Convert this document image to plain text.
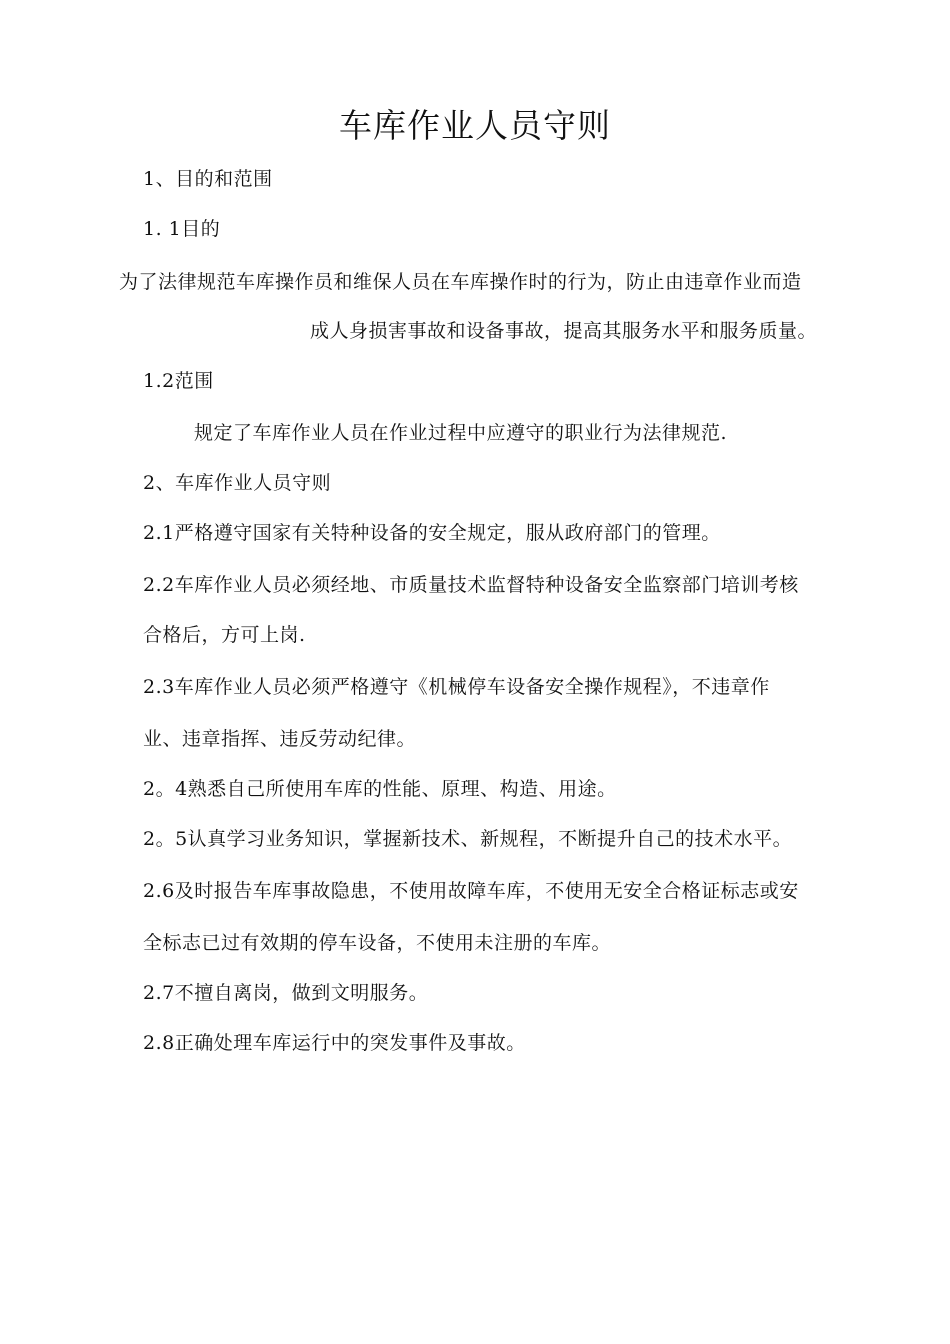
车库作业人员守则

1、目的和范围

1. 1目的

为了法律规范车库操作员和维保人员在车库操作时的行为，防止由违章作业而造

成人身损害事故和设备事故，提高其服务水平和服务质量。

1.2范围

规定了车库作业人员在作业过程中应遵守的职业行为法律规范.

2、车库作业人员守则

2.1严格遵守国家有关特种设备的安全规定，服从政府部门的管理。

2.2车库作业人员必须经地、市质量技术监督特种设备安全监察部门培训考核

合格后，方可上岗.

2.3车库作业人员必须严格遵守《机械停车设备安全操作规程》，不违章作

业、违章指挥、违反劳动纪律。

2。4熟悉自己所使用车库的性能、原理、构造、用途。

2。5认真学习业务知识，掌握新技术、新规程，不断提升自己的技术水平。

2.6及时报告车库事故隐患，不使用故障车库，不使用无安全合格证标志或安

全标志已过有效期的停车设备，不使用未注册的车库。

2.7不擅自离岗，做到文明服务。

2.8正确处理车库运行中的突发事件及事故。
